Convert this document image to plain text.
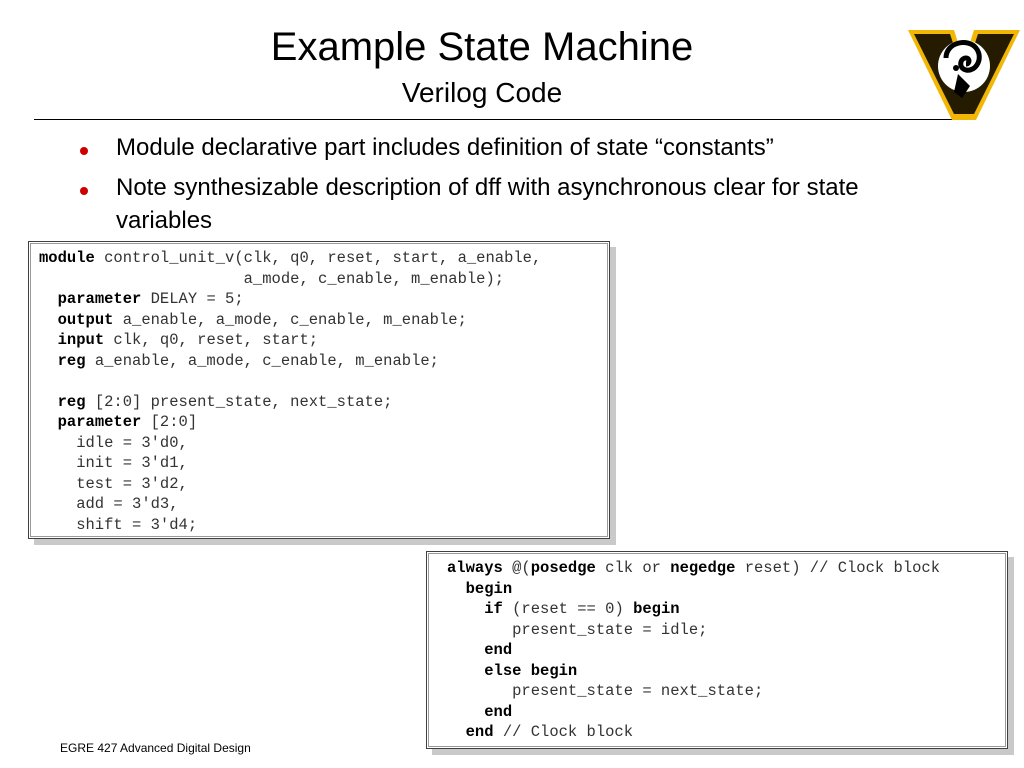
Example State Machine
Verilog Code
Module declarative part includes definition of state “constants”
Note synthesizable description of dff with asynchronous clear for state variables
module control_unit_v(clk, q0, reset, start, a_enable,
a_mode, c_enable, m_enable);
parameter DELAY = 5;
output a_enable, a_mode, c_enable, m_enable;
input clk, q0, reset, start;
reg a_enable, a_mode, c_enable, m_enable;
reg [2:0] present_state, next_state;
parameter [2:0]
idle = 3'd0,
init = 3'd1,
test = 3'd2,
add = 3'd3,
shift = 3'd4;
always @(posedge clk or negedge reset) // Clock block
begin
if (reset == 0) begin
present_state = idle;
end
else begin
present_state = next_state;
end
end // Clock block
EGRE 427 Advanced Digital Design
